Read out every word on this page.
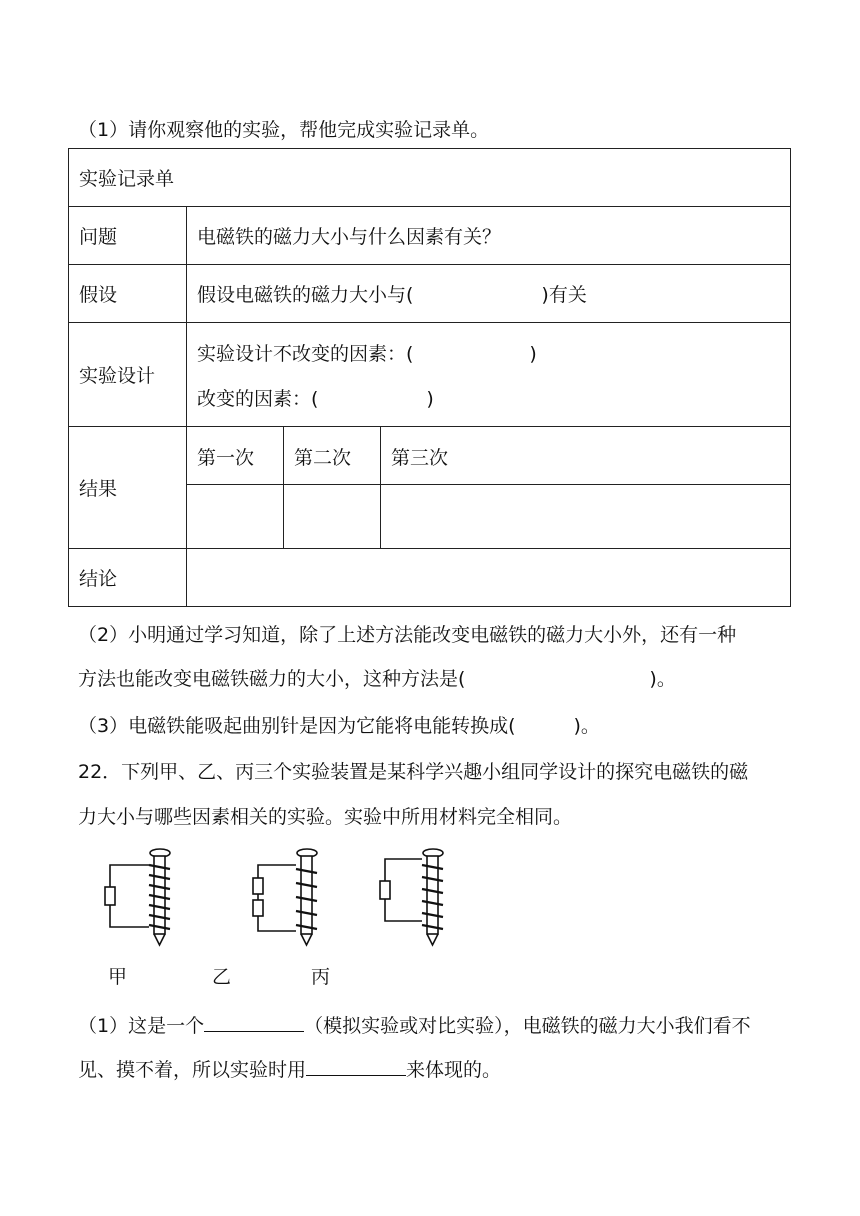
（1）请你观察他的实验，帮他完成实验记录单。
实验记录单			
问题	电磁铁的磁力大小与什么因素有关？		
假设	假设电磁铁的磁力大小与( )有关		
实验设计	实验设计不改变的因素：( )
改变的因素：( )		

结果	第一次	第二次	第三次

结论			
（2）小明通过学习知道，除了上述方法能改变电磁铁的磁力大小外，还有一种
方法也能改变电磁铁磁力的大小，这种方法是(	)。
（3）电磁铁能吸起曲别针是因为它能将电能转换成(	)。
22．下列甲、乙、丙三个实验装置是某科学兴趣小组同学设计的探究电磁铁的磁
力大小与哪些因素相关的实验。实验中所用材料完全相同。
甲	乙	丙
（1）这是一个	（模拟实验或对比实验），电磁铁的磁力大小我们看不
见、摸不着，所以实验时用	来体现的。
